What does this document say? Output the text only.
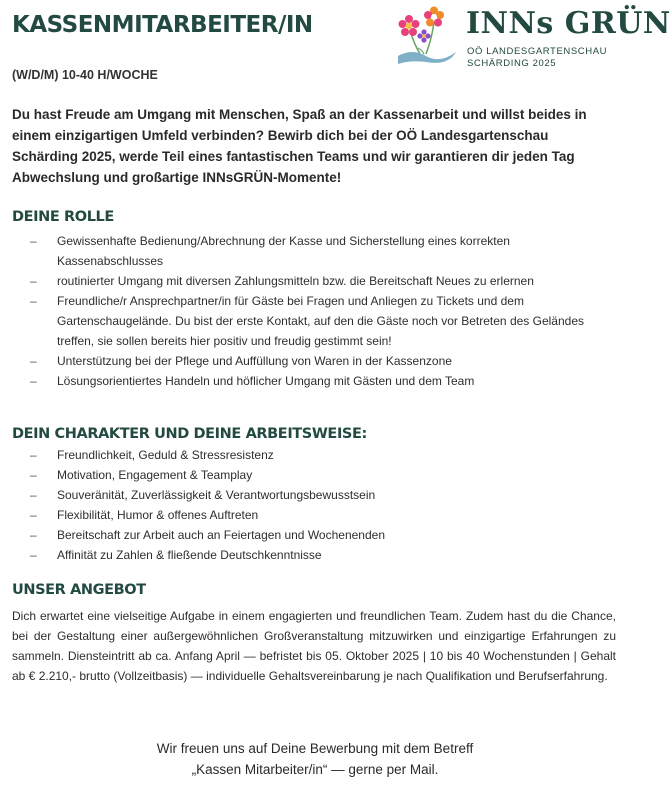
KASSENMITARBEITER/IN
(W/D/M) 10-40 H/WOCHE
INNs GRÜN
OÖ LANDESGARTENSCHAU
SCHÄRDING 2025

Du hast Freude am Umgang mit Menschen, Spaß an der Kassenarbeit und willst beides in einem einzigartigen Umfeld verbinden? Bewirb dich bei der OÖ Landesgartenschau Schärding 2025, werde Teil eines fantastischen Teams und wir garantieren dir jeden Tag Abwechslung und großartige INNsGRÜN-Momente!

DEINE ROLLE
– Gewissenhafte Bedienung/Abrechnung der Kasse und Sicherstellung eines korrekten Kassenabschlusses
– routinierter Umgang mit diversen Zahlungsmitteln bzw. die Bereitschaft Neues zu erlernen
– Freundliche/r Ansprechpartner/in für Gäste bei Fragen und Anliegen zu Tickets und dem Gartenschaugelände. Du bist der erste Kontakt, auf den die Gäste noch vor Betreten des Geländes treffen, sie sollen bereits hier positiv und freudig gestimmt sein!
– Unterstützung bei der Pflege und Auffüllung von Waren in der Kassenzone
– Lösungsorientiertes Handeln und höflicher Umgang mit Gästen und dem Team
DEIN CHARAKTER UND DEINE ARBEITSWEISE:
– Freundlichkeit, Geduld & Stressresistenz
– Motivation, Engagement & Teamplay
– Souveränität, Zuverlässigkeit & Verantwortungsbewusstsein
– Flexibilität, Humor & offenes Auftreten
– Bereitschaft zur Arbeit auch an Feiertagen und Wochenenden
– Affinität zu Zahlen & fließende Deutschkenntnisse
UNSER ANGEBOT

Dich erwartet eine vielseitige Aufgabe in einem engagierten und freundlichen Team. Zudem hast du die Chance, bei der Gestaltung einer außergewöhnlichen Großveranstaltung mitzuwirken und einzigartige Erfahrungen zu sammeln. Diensteintritt ab ca. Anfang April — befristet bis 05. Oktober 2025 | 10 bis 40 Wochenstunden | Gehalt ab € 2.210,- brutto (Vollzeitbasis) — individuelle Gehaltsvereinbarung je nach Qualifikation und Berufserfahrung.

Wir freuen uns auf Deine Bewerbung mit dem Betreff
„Kassen Mitarbeiter/in“ — gerne per Mail.
